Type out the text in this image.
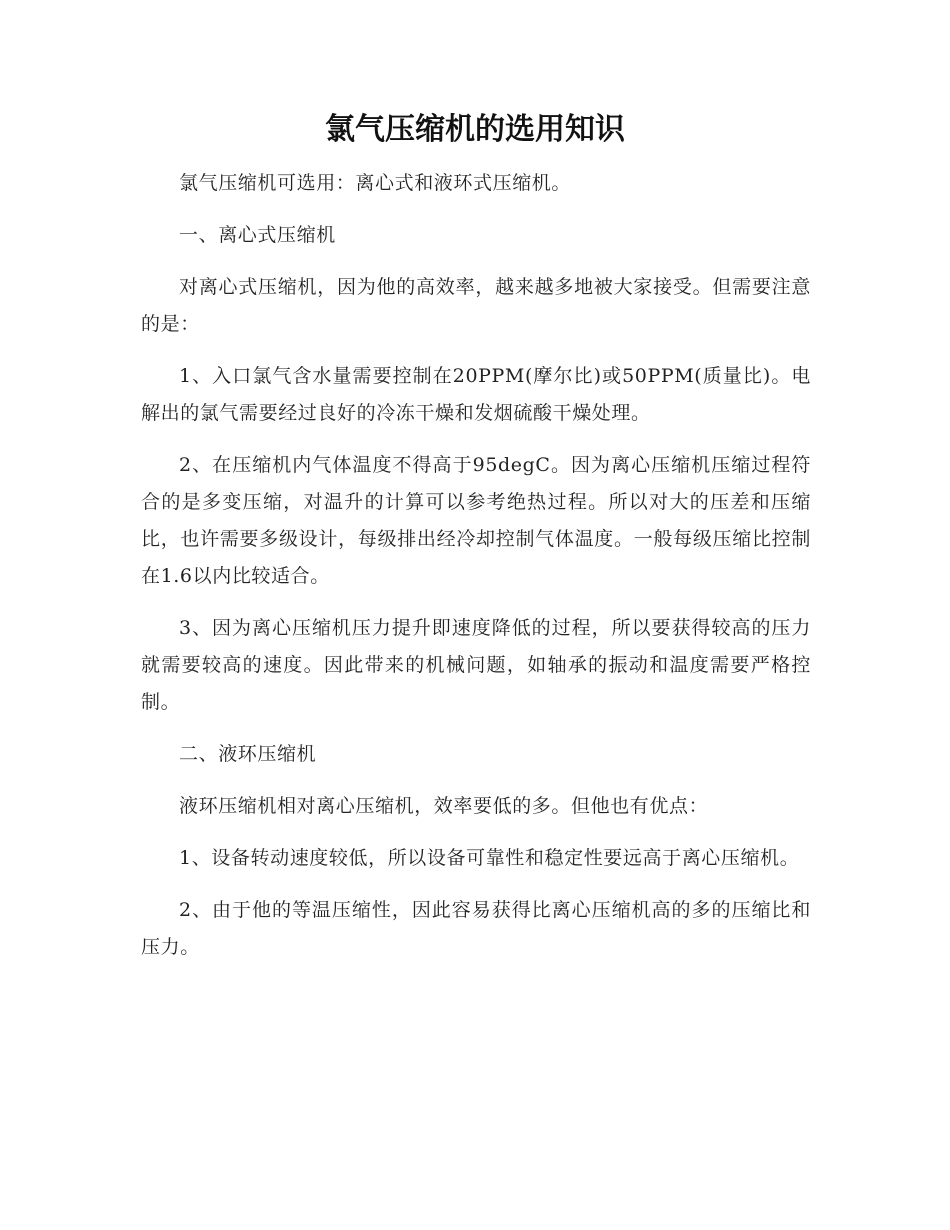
氯气压缩机的选用知识

氯气压缩机可选用：离心式和液环式压缩机。

一、离心式压缩机

对离心式压缩机，因为他的高效率，越来越多地被大家接受。但需要注意的是：

1、入口氯气含水量需要控制在20PPM(摩尔比)或50PPM(质量比)。电解出的氯气需要经过良好的冷冻干燥和发烟硫酸干燥处理。

2、在压缩机内气体温度不得高于95degC。因为离心压缩机压缩过程符合的是多变压缩，对温升的计算可以参考绝热过程。所以对大的压差和压缩比，也许需要多级设计，每级排出经冷却控制气体温度。一般每级压缩比控制在1.6以内比较适合。

3、因为离心压缩机压力提升即速度降低的过程，所以要获得较高的压力就需要较高的速度。因此带来的机械问题，如轴承的振动和温度需要严格控制。

二、液环压缩机

液环压缩机相对离心压缩机，效率要低的多。但他也有优点：

1、设备转动速度较低，所以设备可靠性和稳定性要远高于离心压缩机。

2、由于他的等温压缩性，因此容易获得比离心压缩机高的多的压缩比和压力。
